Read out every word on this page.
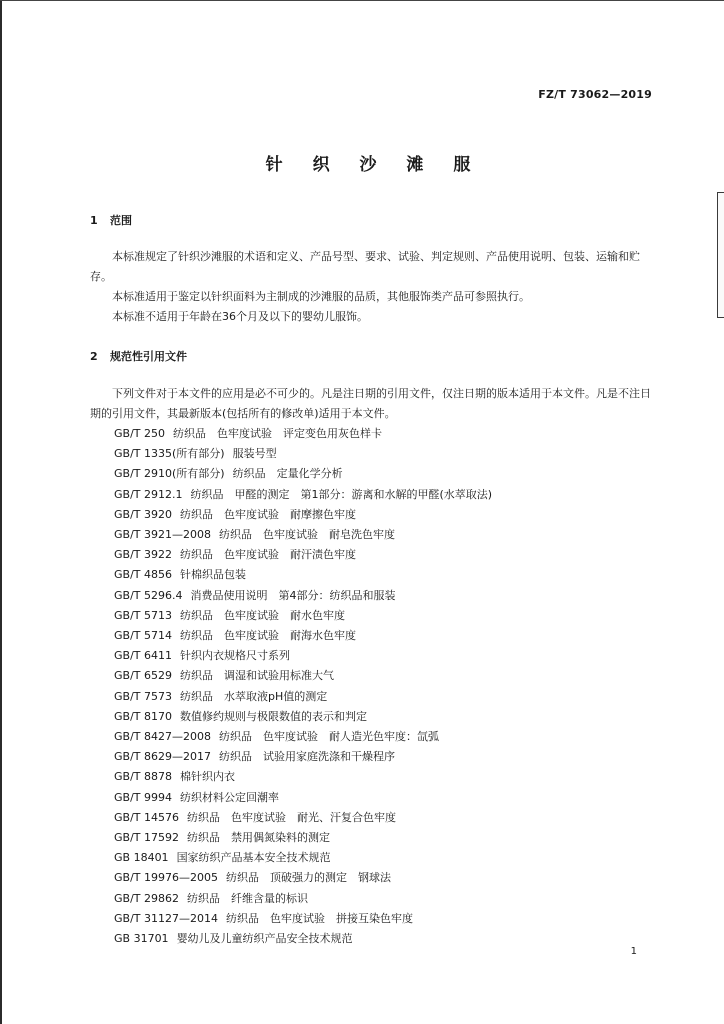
FZ/T 73062—2019
针 织 沙 滩 服
1 范围
本标准规定了针织沙滩服的术语和定义、产品号型、要求、试验、判定规则、产品使用说明、包装、运输和贮存。
本标准适用于鉴定以针织面料为主制成的沙滩服的品质，其他服饰类产品可参照执行。
本标准不适用于年龄在36个月及以下的婴幼儿服饰。
2 规范性引用文件
下列文件对于本文件的应用是必不可少的。凡是注日期的引用文件，仅注日期的版本适用于本文件。凡是不注日期的引用文件，其最新版本(包括所有的修改单)适用于本文件。
GB/T 250 纺织品　色牢度试验　评定变色用灰色样卡
GB/T 1335(所有部分) 服装号型
GB/T 2910(所有部分) 纺织品　定量化学分析
GB/T 2912.1 纺织品　甲醛的测定　第1部分：游离和水解的甲醛(水萃取法)
GB/T 3920 纺织品　色牢度试验　耐摩擦色牢度
GB/T 3921—2008 纺织品　色牢度试验　耐皂洗色牢度
GB/T 3922 纺织品　色牢度试验　耐汗渍色牢度
GB/T 4856 针棉织品包装
GB/T 5296.4 消费品使用说明　第4部分：纺织品和服装
GB/T 5713 纺织品　色牢度试验　耐水色牢度
GB/T 5714 纺织品　色牢度试验　耐海水色牢度
GB/T 6411 针织内衣规格尺寸系列
GB/T 6529 纺织品　调湿和试验用标准大气
GB/T 7573 纺织品　水萃取液pH值的测定
GB/T 8170 数值修约规则与极限数值的表示和判定
GB/T 8427—2008 纺织品　色牢度试验　耐人造光色牢度：氙弧
GB/T 8629—2017 纺织品　试验用家庭洗涤和干燥程序
GB/T 8878 棉针织内衣
GB/T 9994 纺织材料公定回潮率
GB/T 14576 纺织品　色牢度试验　耐光、汗复合色牢度
GB/T 17592 纺织品　禁用偶氮染料的测定
GB 18401 国家纺织产品基本安全技术规范
GB/T 19976—2005 纺织品　顶破强力的测定　钢球法
GB/T 29862 纺织品　纤维含量的标识
GB/T 31127—2014 纺织品　色牢度试验　拼接互染色牢度
GB 31701 婴幼儿及儿童纺织产品安全技术规范
1
